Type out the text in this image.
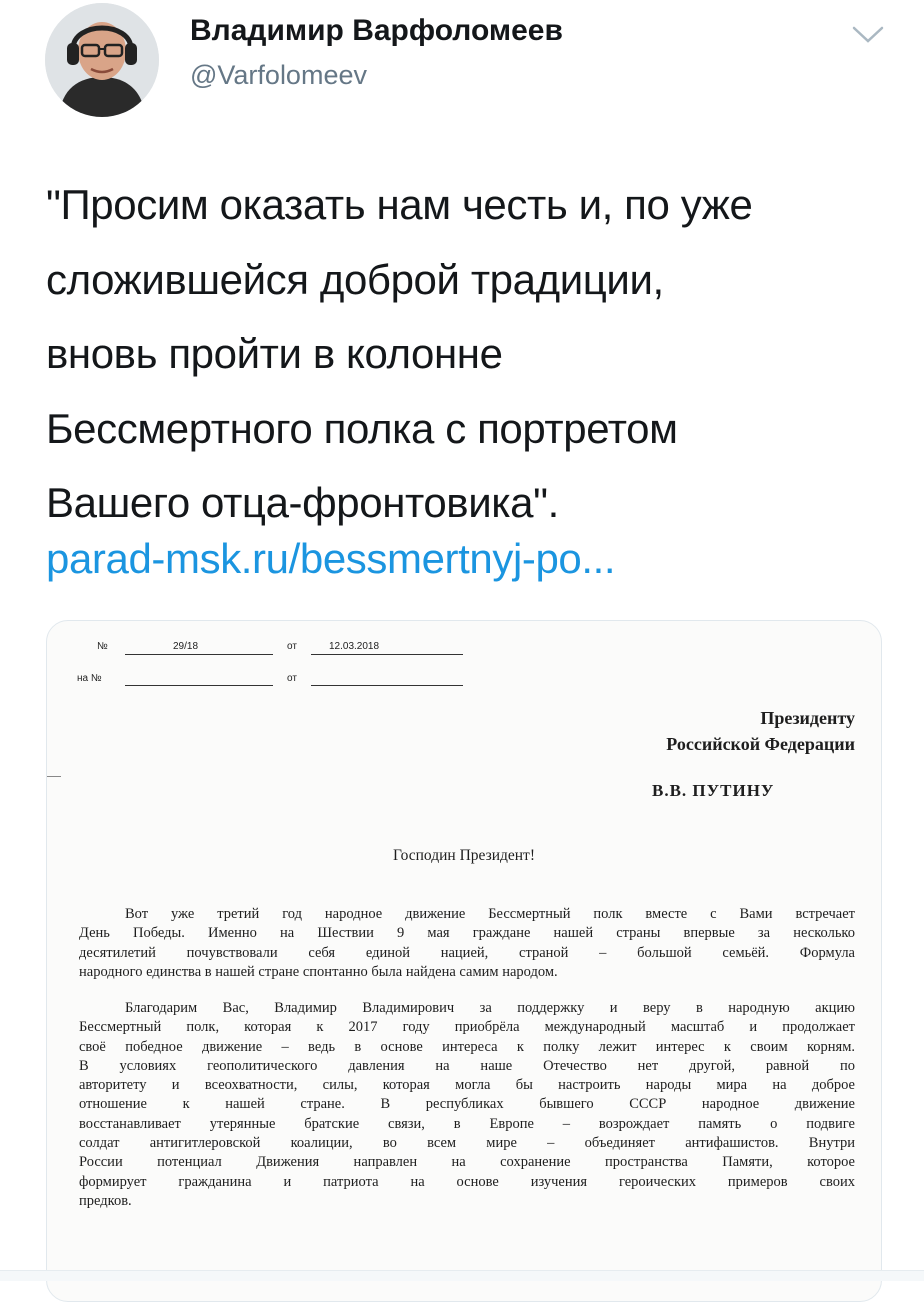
Владимир Варфоломеев
@Varfolomeev
"Просим оказать нам честь и, по уже
сложившейся доброй традиции,
вновь пройти в колонне
Бессмертного полка с портретом
Вашего отца-фронтовика".
parad-msk.ru/bessmertnyj-po...
№	29/18	от	12.03.2018
на №	от
Президенту
Российской Федерации
В.В. ПУТИНУ
Господин Президент!
Вот уже третий год народное движение Бессмертный полк вместе с Вами встречает
День Победы. Именно на Шествии 9 мая граждане нашей страны впервые за несколько
десятилетий почувствовали себя единой нацией, страной – большой семьёй. Формула
народного единства в нашей стране спонтанно была найдена самим народом.
Благодарим Вас, Владимир Владимирович за поддержку и веру в народную акцию
Бессмертный полк, которая к 2017 году приобрёла международный масштаб и продолжает
своё победное движение – ведь в основе интереса к полку лежит интерес к своим корням.
В условиях геополитического давления на наше Отечество нет другой, равной по
авторитету и всеохватности, силы, которая могла бы настроить народы мира на доброе
отношение к нашей стране. В республиках бывшего СССР народное движение
восстанавливает утерянные братские связи, в Европе – возрождает память о подвиге
солдат антигитлеровской коалиции, во всем мире – объединяет антифашистов. Внутри
России потенциал Движения направлен на сохранение пространства Памяти, которое
формирует гражданина и патриота на основе изучения героических примеров своих
предков.
